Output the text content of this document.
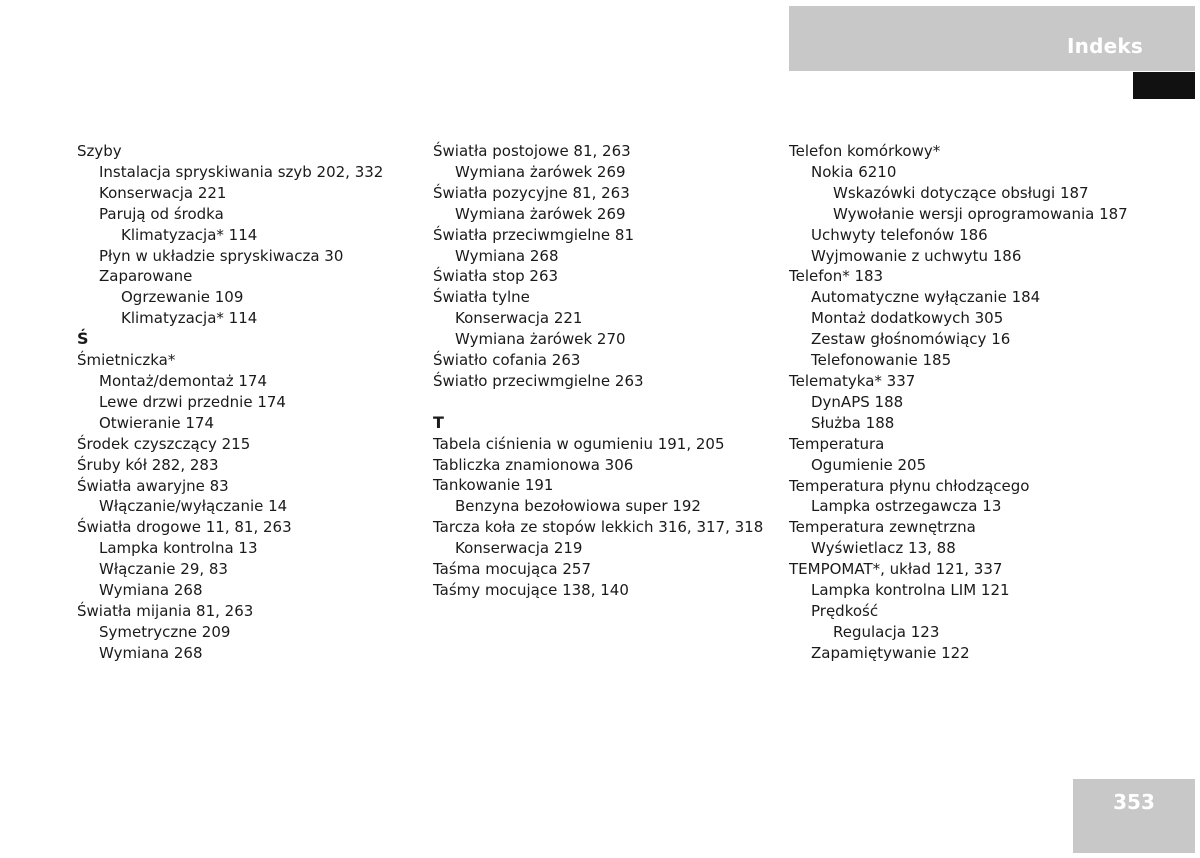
Indeks
Szyby
Instalacja spryskiwania szyb 202, 332
Konserwacja 221
Parują od środka
Klimatyzacja* 114
Płyn w układzie spryskiwacza 30
Zaparowane
Ogrzewanie 109
Klimatyzacja* 114
Ś
Śmietniczka*
Montaż/demontaż 174
Lewe drzwi przednie 174
Otwieranie 174
Środek czyszczący 215
Śruby kół 282, 283
Światła awaryjne 83
Włączanie/wyłączanie 14
Światła drogowe 11, 81, 263
Lampka kontrolna 13
Włączanie 29, 83
Wymiana 268
Światła mijania 81, 263
Symetryczne 209
Wymiana 268
Światła postojowe 81, 263
Wymiana żarówek 269
Światła pozycyjne 81, 263
Wymiana żarówek 269
Światła przeciwmgielne 81
Wymiana 268
Światła stop 263
Światła tylne
Konserwacja 221
Wymiana żarówek 270
Światło cofania 263
Światło przeciwmgielne 263
T
Tabela ciśnienia w ogumieniu 191, 205
Tabliczka znamionowa 306
Tankowanie 191
Benzyna bezołowiowa super 192
Tarcza koła ze stopów lekkich 316, 317, 318
Konserwacja 219
Taśma mocująca 257
Taśmy mocujące 138, 140
Telefon komórkowy*
Nokia 6210
Wskazówki dotyczące obsługi 187
Wywołanie wersji oprogramowania 187
Uchwyty telefonów 186
Wyjmowanie z uchwytu 186
Telefon* 183
Automatyczne wyłączanie 184
Montaż dodatkowych 305
Zestaw głośnomówiący 16
Telefonowanie 185
Telematyka* 337
DynAPS 188
Służba 188
Temperatura
Ogumienie 205
Temperatura płynu chłodzącego
Lampka ostrzegawcza 13
Temperatura zewnętrzna
Wyświetlacz 13, 88
TEMPOMAT*, układ 121, 337
Lampka kontrolna LIM 121
Prędkość
Regulacja 123
Zapamiętywanie 122
353
